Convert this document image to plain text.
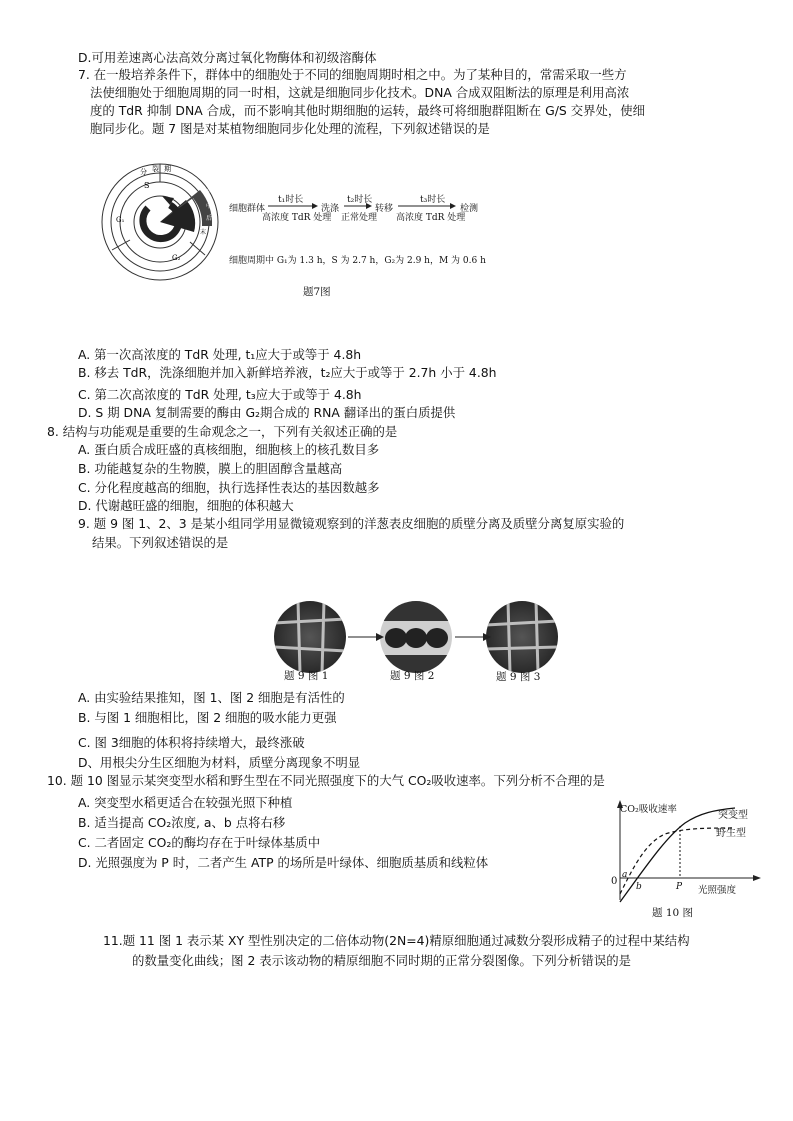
D.可用差速离心法高效分离过氧化物酶体和初级溶酶体
7. 在一般培养条件下，群体中的细胞处于不同的细胞周期时相之中。为了某种目的，常需采取一些方
法使细胞处于细胞周期的同一时相，这就是细胞同步化技术。DNA 合成双阻断法的原理是利用高浓
度的 TdR 抑制 DNA 合成，而不影响其他时期细胞的运转，最终可将细胞群阻断在 G/S 交界处，使细
胞同步化。题 7 图是对某植物细胞同步化处理的流程，下列叙述错误的是
分 裂 期
S
G₁
G₂
前
中
后
末
细胞群体
t₁时长
高浓度 TdR 处理
洗涤
t₂时长
正常处理
转移
t₃时长
高浓度 TdR 处理
检测
细胞周期中 G₁为 1.3 h，S 为 2.7 h，G₂为 2.9 h，M 为 0.6 h
题7图
A. 第一次高浓度的 TdR 处理, t₁应大于或等于 4.8h
B. 移去 TdR，洗涤细胞并加入新鲜培养液，t₂应大于或等于 2.7h 小于 4.8h
C. 第二次高浓度的 TdR 处理, t₃应大于或等于 4.8h
D. S 期 DNA 复制需要的酶由 G₂期合成的 RNA 翻译出的蛋白质提供
8. 结构与功能观是重要的生命观念之一，下列有关叙述正确的是
A. 蛋白质合成旺盛的真核细胞，细胞核上的核孔数目多
B. 功能越复杂的生物膜，膜上的胆固醇含量越高
C. 分化程度越高的细胞，执行选择性表达的基因数越多
D. 代谢越旺盛的细胞，细胞的体积越大
9. 题 9 图 1、2、3 是某小组同学用显微镜观察到的洋葱表皮细胞的质壁分离及质壁分离复原实验的
结果。下列叙述错误的是
题 9 图 1	题 9 图 2	题 9 图 3
A. 由实验结果推知，图 1、图 2 细胞是有活性的
B. 与图 1 细胞相比，图 2 细胞的吸水能力更强
C. 图 3细胞的体积将持续增大，最终涨破
D、用根尖分生区细胞为材料，质壁分离现象不明显
10. 题 10 图显示某突变型水稻和野生型在不同光照强度下的大气 CO₂吸收速率。下列分析不合理的是
A. 突变型水稻更适合在较强光照下种植
B. 适当提高 CO₂浓度, a、b 点将右移
C. 二者固定 CO₂的酶均存在于叶绿体基质中
D. 光照强度为 P 时，二者产生 ATP 的场所是叶绿体、细胞质基质和线粒体
CO₂吸收速率
突变型
野生型
0
a
b	P 光照强度
题 10 图
11.题 11 图 1 表示某 XY 型性别决定的二倍体动物(2N=4)精原细胞通过减数分裂形成精子的过程中某结构
的数量变化曲线；图 2 表示该动物的精原细胞不同时期的正常分裂图像。下列分析错误的是
